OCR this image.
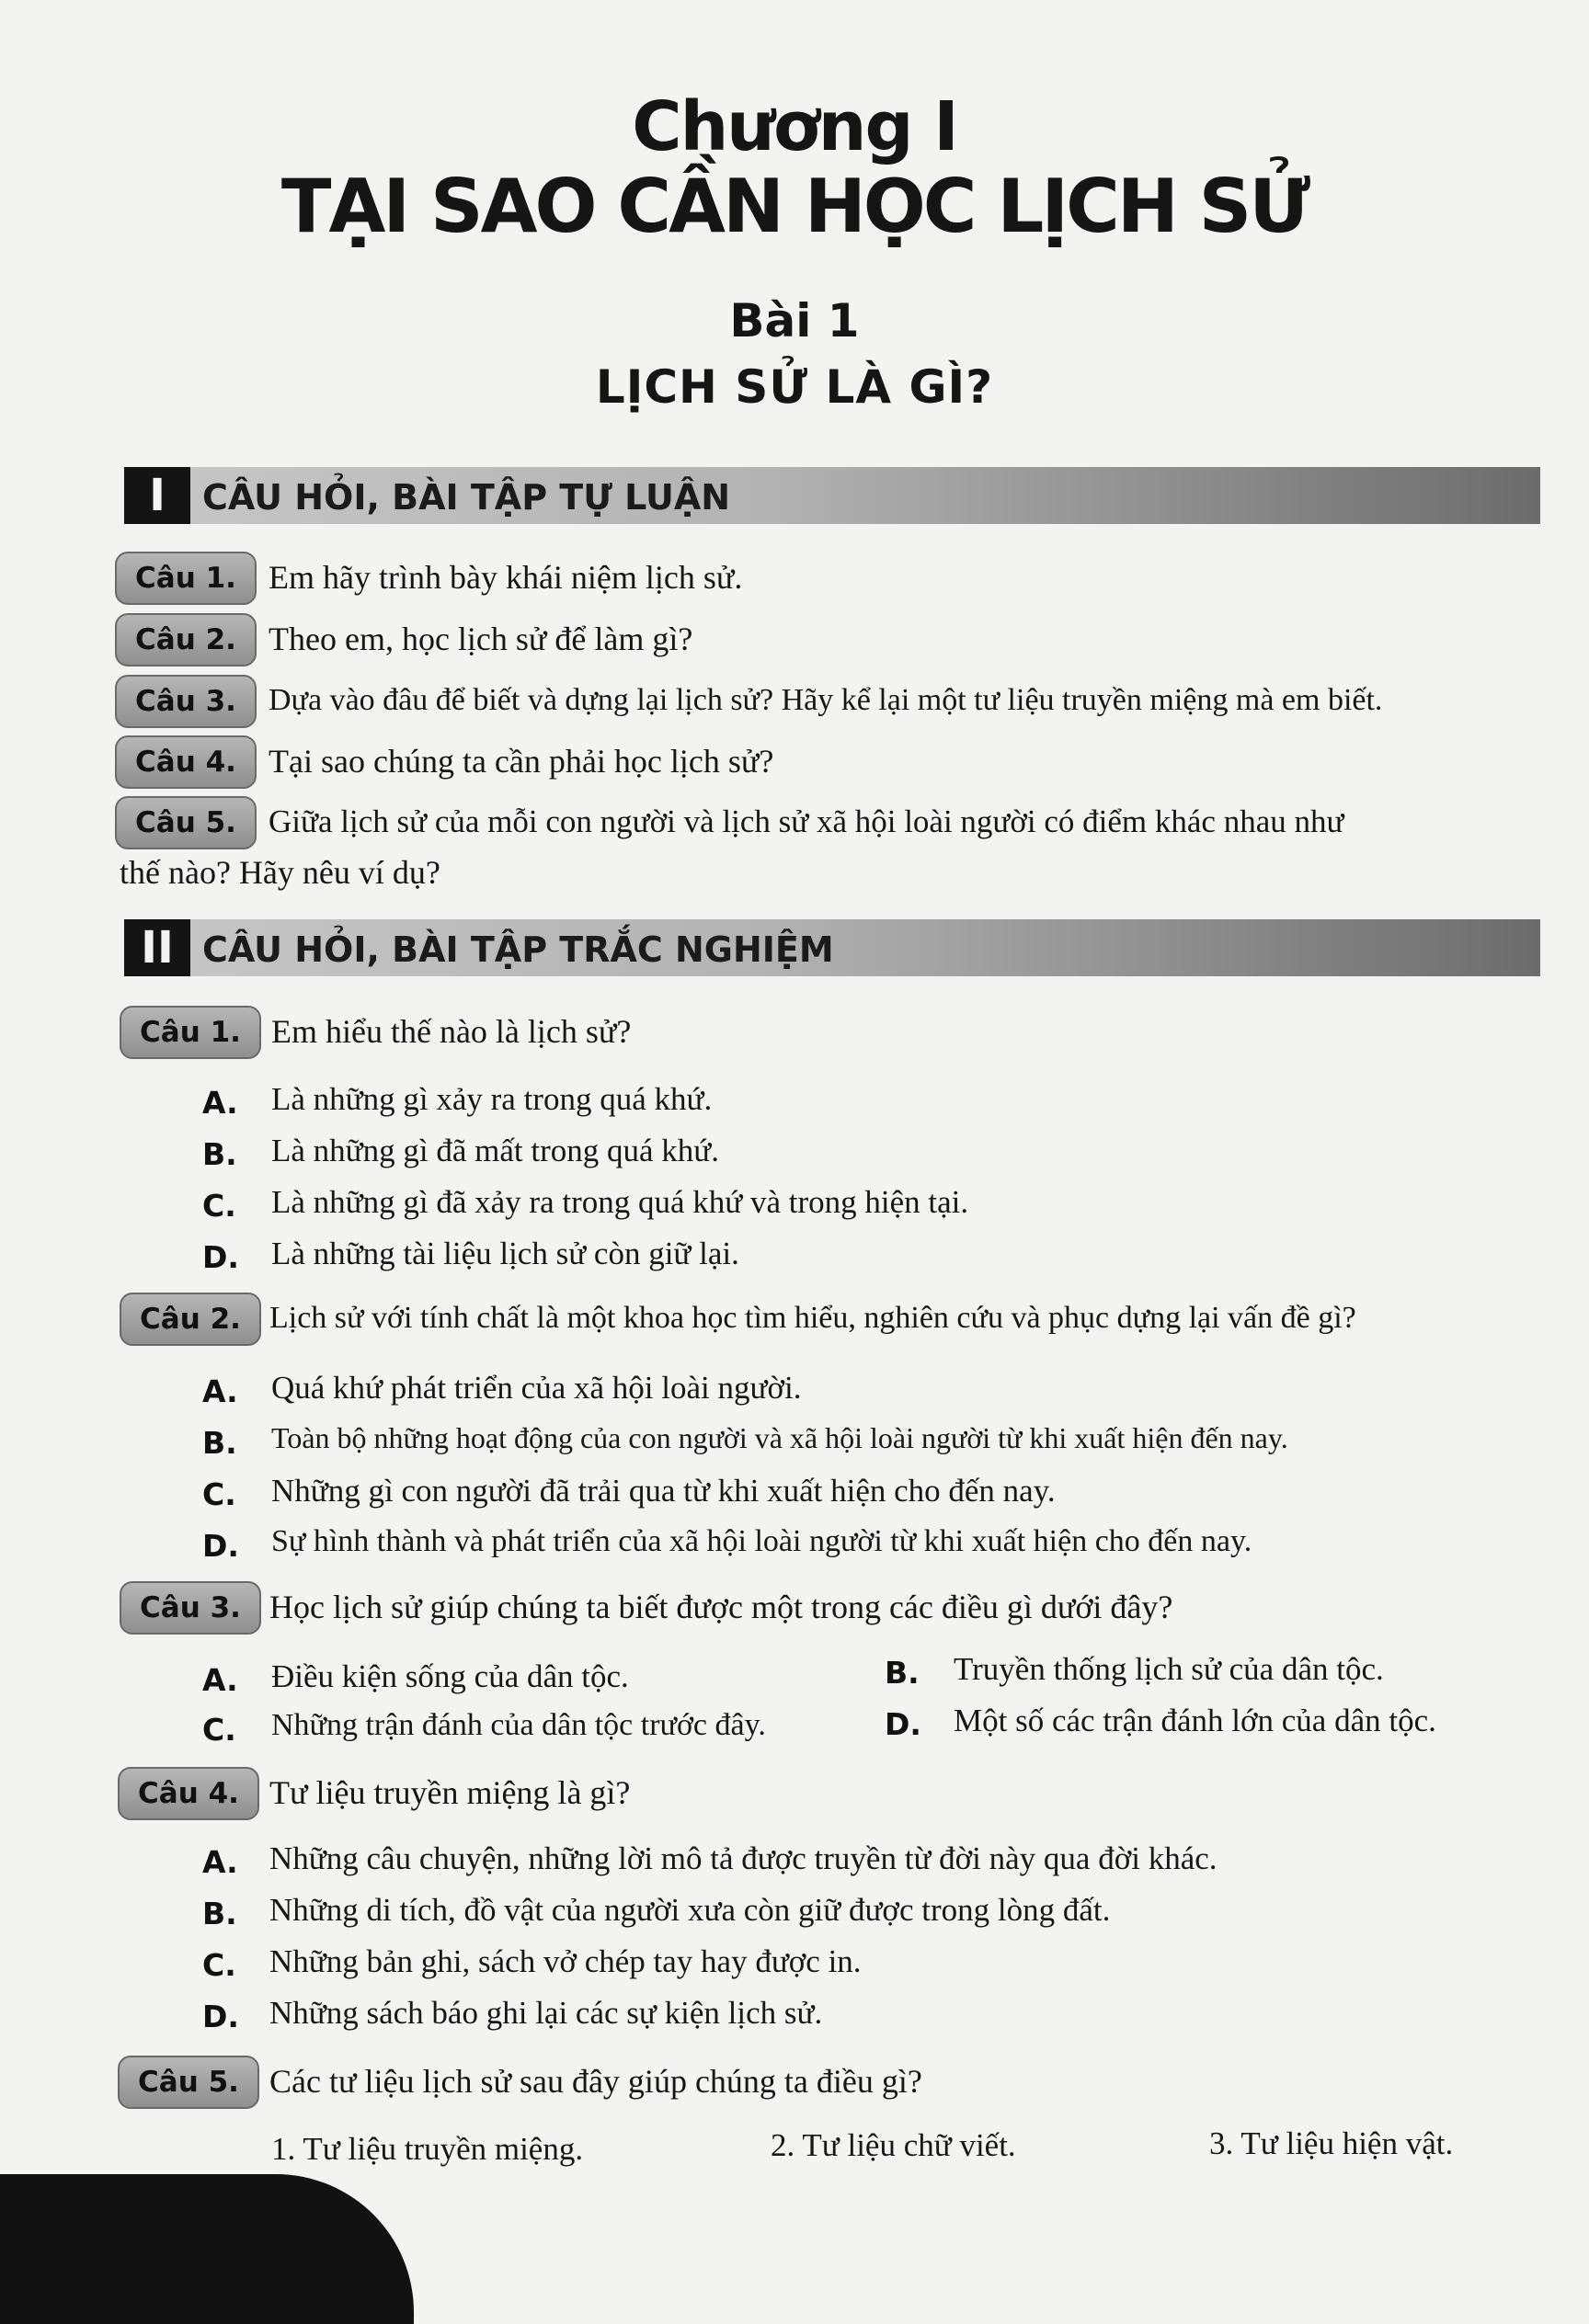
Chương I
TẠI SAO CẦN HỌC LỊCH SỬ
Bài 1
LỊCH SỬ LÀ GÌ?
I	CÂU HỎI, BÀI TẬP TỰ LUẬN
Câu 1. Em hãy trình bày khái niệm lịch sử.
Câu 2. Theo em, học lịch sử để làm gì?
Câu 3.	Dựa vào đâu để biết và dựng lại lịch sử? Hãy kể lại một tư liệu truyền miệng mà em biết.
Câu 4. Tại sao chúng ta cần phải học lịch sử?
Câu 5.	Giữa lịch sử của mỗi con người và lịch sử xã hội loài người có điểm khác nhau như
thế nào? Hãy nêu ví dụ?
II CÂU HỎI, BÀI TẬP TRẮC NGHIỆM
Câu 1. Em hiểu thế nào là lịch sử?
A. Là những gì xảy ra trong quá khứ.
B. Là những gì đã mất trong quá khứ.
C. Là những gì đã xảy ra trong quá khứ và trong hiện tại.
D. Là những tài liệu lịch sử còn giữ lại.
Câu 2. Lịch sử với tính chất là một khoa học tìm hiểu, nghiên cứu và phục dựng lại vấn đề gì?
A. Quá khứ phát triển của xã hội loài người.
B. Toàn bộ những hoạt động của con người và xã hội loài người từ khi xuất hiện đến nay.
C. Những gì con người đã trải qua từ khi xuất hiện cho đến nay.
D. Sự hình thành và phát triển của xã hội loài người từ khi xuất hiện cho đến nay.
Câu 3. Học lịch sử giúp chúng ta biết được một trong các điều gì dưới đây?
A. Điều kiện sống của dân tộc.	B. Truyền thống lịch sử của dân tộc.
C. Những trận đánh của dân tộc trước đây.	D. Một số các trận đánh lớn của dân tộc.
Câu 4. Tư liệu truyền miệng là gì?
A. Những câu chuyện, những lời mô tả được truyền từ đời này qua đời khác.
B. Những di tích, đồ vật của người xưa còn giữ được trong lòng đất.
C. Những bản ghi, sách vở chép tay hay được in.
D. Những sách báo ghi lại các sự kiện lịch sử.
Câu 5. Các tư liệu lịch sử sau đây giúp chúng ta điều gì?
1. Tư liệu truyền miệng.	2. Tư liệu chữ viết.	3. Tư liệu hiện vật.
